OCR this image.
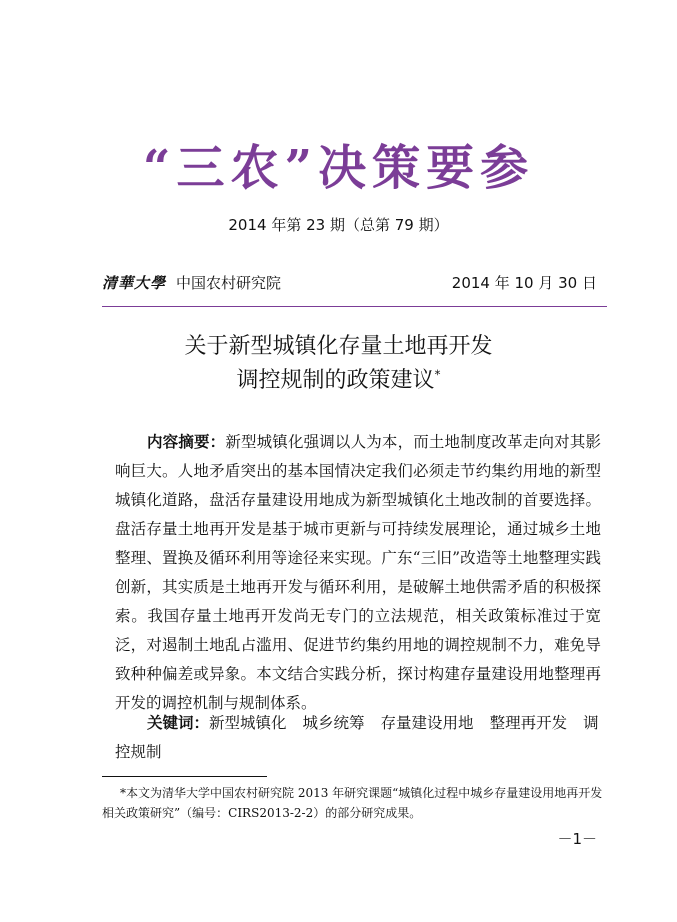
“三农”决策要参
2014 年第 23 期（总第 79 期）
清華大學 中国农村研究院	2014 年 10 月 30 日
关于新型城镇化存量土地再开发
调控规制的政策建议*

内容摘要：新型城镇化强调以人为本，而土地制度改革走向对其影响巨大。人地矛盾突出的基本国情决定我们必须走节约集约用地的新型城镇化道路，盘活存量建设用地成为新型城镇化土地改制的首要选择。盘活存量土地再开发是基于城市更新与可持续发展理论，通过城乡土地整理、置换及循环利用等途径来实现。广东“三旧”改造等土地整理实践创新，其实质是土地再开发与循环利用，是破解土地供需矛盾的积极探索。我国存量土地再开发尚无专门的立法规范，相关政策标准过于宽泛，对遏制土地乱占滥用、促进节约集约用地的调控规制不力，难免导致种种偏差或异象。本文结合实践分析，探讨构建存量建设用地整理再开发的调控机制与规制体系。

关键词：新型城镇化 城乡统筹 存量建设用地 整理再开发 调控规制

*本文为清华大学中国农村研究院 2013 年研究课题“城镇化过程中城乡存量建设用地再开发相关政策研究”（编号：CIRS2013-2-2）的部分研究成果。

－1－
